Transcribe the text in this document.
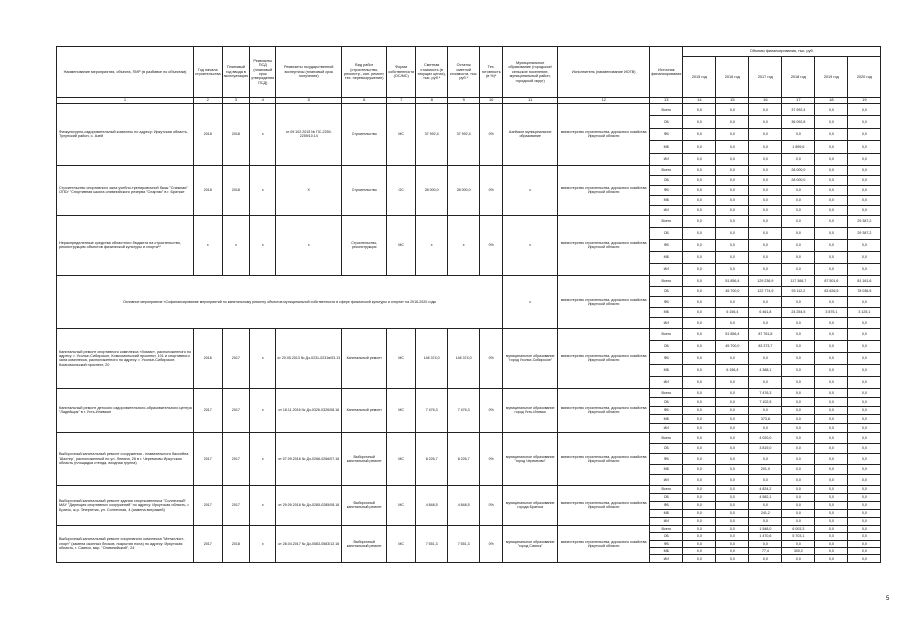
Наименование мероприятия, объекта, ПИР (в разбивке по объектам)	Год начала строительства	Плановый год ввода в эксплуатацию	Реквизиты ПСД (плановый срок утверждения ПСД)	Реквизиты государственной экспертизы (плановый срок получения)	Вид работ (строительство, реконстр., кап. ремонт, тех. перевооружение)	Форма собственности (ОС/МС)	Сметная стоимость (в текущих ценах), тыс. руб.*	Остаток сметной стоимости, тыс. руб.*	Тех. готовность (в %)*	Муниципальное образование (городское/сельское поселение, муниципальный район, городской округ)	Исполнитель (наименование ИОГВ)	Источник финансирования	Объемы финансирования, тыс. руб.					
													2015 год	2016 год	2017 год	2018 год	2019 год	2020 год
1	2	3	4	5	6	7	8	9	10	11	12	13	14	15	16	17	18	19
Физкультурно-оздоровительный комплекс по адресу: Иркутская область, Тулунский район, с. Азей	2018	2018	х	от 09.102.2015 № ПС-2259-2259/10.14	Строительство	МС	37 992,4	37 992,4	0%	Азейское муниципальное образование	министерство строительства, дорожного хозяйства Иркутской области	Всего	0,0	0,0	0,0	37 992,4	0,0	0,0
												ОБ	0,0	0,0	0,0	36 092,8	0,0	0,0
												ФБ	0,0	0,0	0,0	0,0	0,0	0,0
												МБ	0,0	0,0	0,0	1 899,6	0,0	0,0
												ИИ	0,0	0,0	0,0	0,0	0,0	0,0
Строительство спортивного зала учебно-тренировочной базы "Снежная" ОГБУ "Спортивная школа олимпийского резерва "Спартак" в г. Братске	2018	2018	х	Х	Строительство	ОС	28 000,0	28 000,0	0%	х	министерство строительства, дорожного хозяйства Иркутской области	Всего	0,0	0,0	0,0	28 000,0	0,0	0,0
												ОБ	0,0	0,0	0,0	28 000,0	0,0	0,0
												ФБ	0,0	0,0	0,0	0,0	0,0	0,0
												МБ	0,0	0,0	0,0	0,0	0,0	0,0
												ИИ	0,0	0,0	0,0	0,0	0,0	0,0
Нераспределенные средства областного бюджета на строительство, реконструкцию объектов физической культуры и спорта**	х	х	х	х	Строительство, реконструкция	МС	х	х	0%	х	министерство строительства, дорожного хозяйства Иркутской области	Всего	0,0	0,0	0,0	0,0	0,0	29 387,2
												ОБ	0,0	0,0	0,0	0,0	0,0	29 387,2
												ФБ	0,0	0,0	0,0	0,0	0,0	0,0
												МБ	0,0	0,0	0,0	0,0	0,0	0,0
												ИИ	0,0	0,0	0,0	0,0	0,0	0,0
Основное мероприятие «Софинансирование мероприятий по капитальному ремонту объектов муниципальной собственности в сфере физической культуры и спорта» на 2016-2020 годы										х	министерство строительства, дорожного хозяйства Иркутской области	Всего	0,0	51 856,4	129 236,9	117 366,7	87 501,6	81 161,6
												ОБ	0,0	45 700,0	122 774,9	93 112,2	83 626,5	78 036,5
												ФБ	0,0	0,0	0,0	0,0	0,0	0,0
												МБ	0,0	6 156,4	6 461,8	24 254,5	3 875,1	3 125,1
												ИИ	0,0	0,0	0,0	0,0	0,0	0,0
Капитальный ремонт спортивного комплекса «Химик», расположенного по адресу: г. Усолье-Сибирское, Комсомольский проспект, 101 и спортивного зала комплекса, расположенного по адресу: г. Усолье-Сибирское, Комсомольский проспект, 20	2016	2017	х	от 20.05.2013 № Дз-0231-0231в/03.13	Капитальный ремонт	МС	146 374,0	146 374,0	0%	муниципальное образование "город Усолье-Сибирское"	министерство строительства, дорожного хозяйства Иркутской области	Всего	0,0	51 856,4	87 761,8	0,0	0,0	0,0
												ОБ	0,0	45 700,0	83 373,7	0,0	0,0	0,0
												ФБ	0,0	0,0	0,0	0,0	0,0	0,0
												МБ	0,0	6 156,4	4 388,1	0,0	0,0	0,0
												ИИ	0,0	0,0	0,0	0,0	0,0	0,0
Капитальный ремонт детского оздоровительного-образовательного центра "Ладейщик" в г. Усть-Илимске	2017	2017	х	от 18.11.2016 № Дз-0326-0326/08.16	Капитальный ремонт	МС	7 476,3	7 476,3	0%	муниципальное образование город Усть-Илимск	министерство строительства, дорожного хозяйства Иркутской области	Всего	0,0	0,0	7 476,3	0,0	0,0	0,0
												ОБ	0,0	0,0	7 102,5	0,0	0,0	0,0
												ФБ	0,0	0,0	0,0	0,0	0,0	0,0
												МБ	0,0	0,0	373,8	0,0	0,0	0,0
												ИИ	0,0	0,0	0,0	0,0	0,0	0,0
Выборочный капитальный ремонт сооружения - плавательного бассейна 'Шахтер', расположенный по ул. Ленина, 26 в г. Черемхово Иркутская область (площадка стенда, входная группа)	2017	2017	х	от 07.09.2016 № Дз-0266-0266/07.16	Выборочный капитальный ремонт	МС	8 226,7	8 226,7	0%	муниципальное образование "город Черемхово"	министерство строительства, дорожного хозяйства Иркутской области	Всего	0,0	0,0	4 020,0	0,0	0,0	0,0
												ОБ	0,0	0,0	3 819,0	0,0	0,0	0,0
												ФБ	0,0	0,0	0,0	0,0	0,0	0,0
												МБ	0,0	0,0	201,0	0,0	0,0	0,0
												ИИ	0,0	0,0	0,0	0,0	0,0	0,0
Выборочный капитальный ремонт здания спорткомплекса "Солнечный" МАУ "Дирекция спортивных сооружений" по адресу: Иркутская область, г. Братск, ж.р. Энергетик, ул. Солнечная, 4 (замена витражей)	2017	2017	х	от 29.09.2016 № Дз-0285-0285/08.16	Выборочный капитальный ремонт	МС	4 848,5	4 848,5	0%	муниципальное образование города Братска	министерство строительства, дорожного хозяйства Иркутской области	Всего	0,0	0,0	4 824,2	0,0	0,0	0,0
												ОБ	0,0	0,0	4 582,1	0,0	0,0	0,0
												ФБ	0,0	0,0	0,0	0,0	0,0	0,0
												МБ	0,0	0,0	241,2	0,0	0,0	0,0
												ИИ	0,0	0,0	0,0	0,0	0,0	0,0
Выборочный капитальный ремонт спортивного комплекса "Металлист-спорт" (замена оконных блоков, покрытия пола) по адресу: Иркутская область, г. Саянск, мкр. "Олимпийский", 24	2017	2018	х	от 28.04.2017 № Дз-0583-0583/12.16	Выборочный капитальный ремонт	МС	7 551,3	7 551,3	0%	муниципальное образование "город Саянск"	министерство строительства, дорожного хозяйства Иркутской области	Всего	0,0	0,0	1 548,0	6 003,3	0,0	0,0
												ОБ	0,0	0,0	1 470,6	5 703,1	0,0	0,0
												ФБ	0,0	0,0	0,0	0,0	0,0	0,0
												МБ	0,0	0,0	77,4	300,2	0,0	0,0
												ИИ	0,0	0,0	0,0	0,0	0,0	0,0
5
